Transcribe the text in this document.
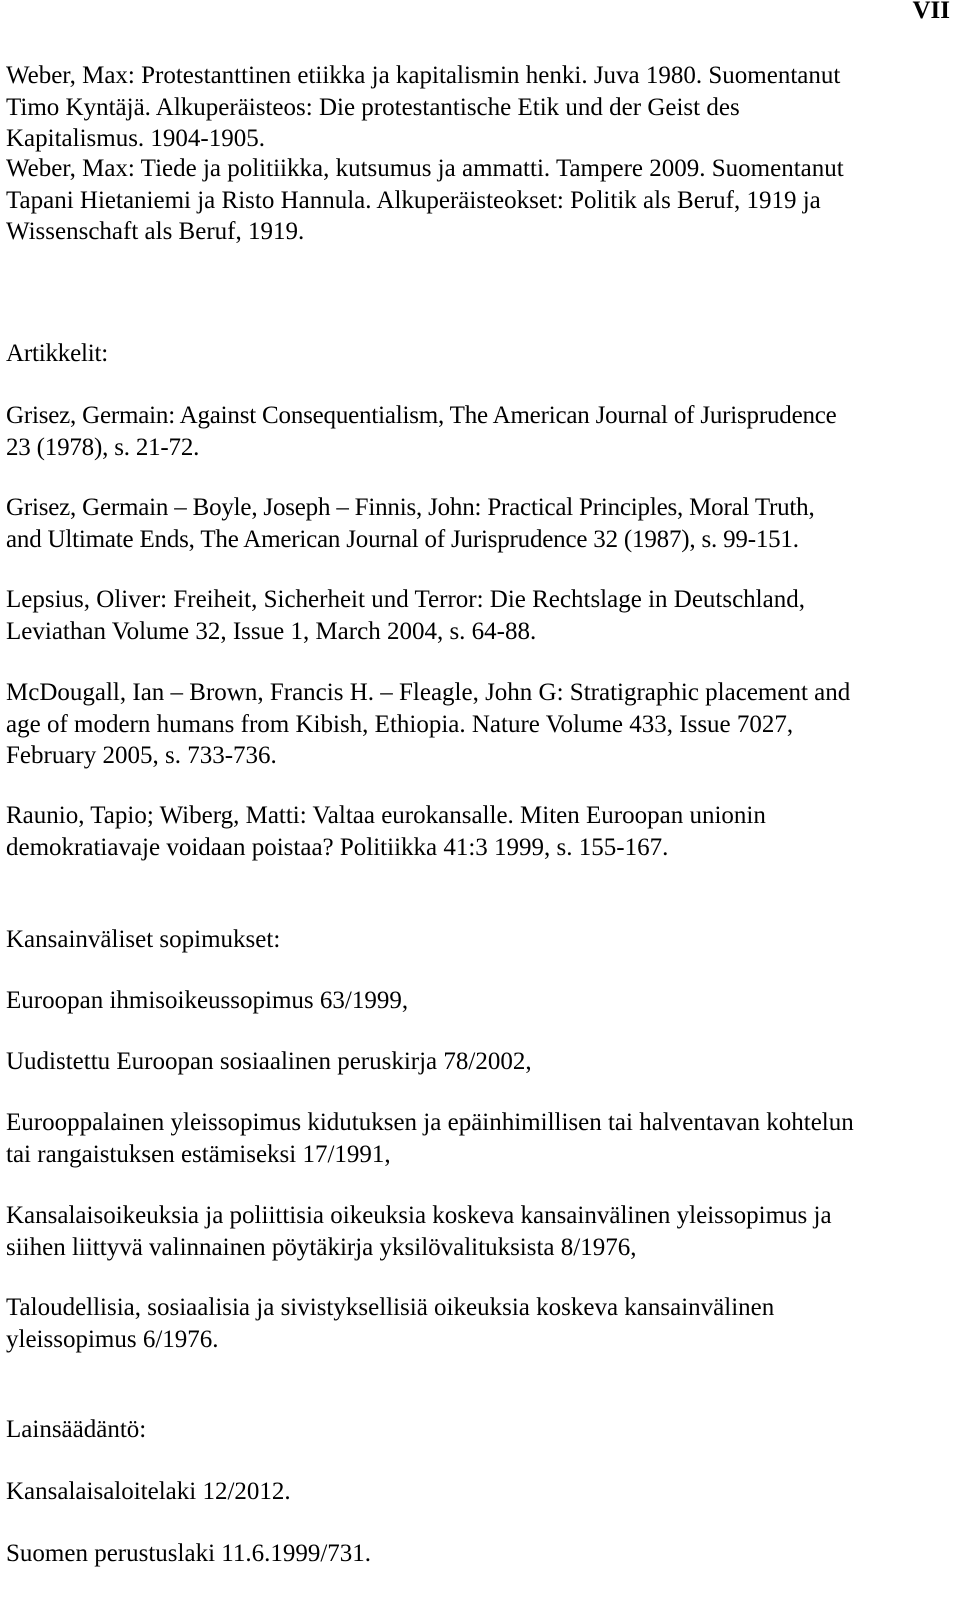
VII

Weber, Max: Protestanttinen etiikka ja kapitalismin henki. Juva 1980. Suomentanut
Timo Kyntäjä. Alkuperäisteos: Die protestantische Etik und der Geist des
Kapitalismus. 1904-1905.

Weber, Max: Tiede ja politiikka, kutsumus ja ammatti. Tampere 2009. Suomentanut
Tapani Hietaniemi ja Risto Hannula. Alkuperäisteokset: Politik als Beruf, 1919 ja
Wissenschaft als Beruf, 1919.

Artikkelit:

Grisez, Germain: Against Consequentialism, The American Journal of Jurisprudence
23 (1978), s. 21-72.

Grisez, Germain – Boyle, Joseph – Finnis, John: Practical Principles, Moral Truth,
and Ultimate Ends, The American Journal of Jurisprudence 32 (1987), s. 99-151.

Lepsius, Oliver: Freiheit, Sicherheit und Terror: Die Rechtslage in Deutschland,
Leviathan Volume 32, Issue 1, March 2004, s. 64-88.

McDougall, Ian – Brown, Francis H. – Fleagle, John G: Stratigraphic placement and
age of modern humans from Kibish, Ethiopia. Nature Volume 433, Issue 7027,
February 2005, s. 733-736.

Raunio, Tapio; Wiberg, Matti: Valtaa eurokansalle. Miten Euroopan unionin
demokratiavaje voidaan poistaa? Politiikka 41:3 1999, s. 155-167.

Kansainväliset sopimukset:

Euroopan ihmisoikeussopimus 63/1999,

Uudistettu Euroopan sosiaalinen peruskirja 78/2002,

Eurooppalainen yleissopimus kidutuksen ja epäinhimillisen tai halventavan kohtelun
tai rangaistuksen estämiseksi 17/1991,

Kansalaisoikeuksia ja poliittisia oikeuksia koskeva kansainvälinen yleissopimus ja
siihen liittyvä valinnainen pöytäkirja yksilövalituksista 8/1976,

Taloudellisia, sosiaalisia ja sivistyksellisiä oikeuksia koskeva kansainvälinen
yleissopimus 6/1976.

Lainsäädäntö:

Kansalaisaloitelaki 12/2012.

Suomen perustuslaki 11.6.1999/731.
